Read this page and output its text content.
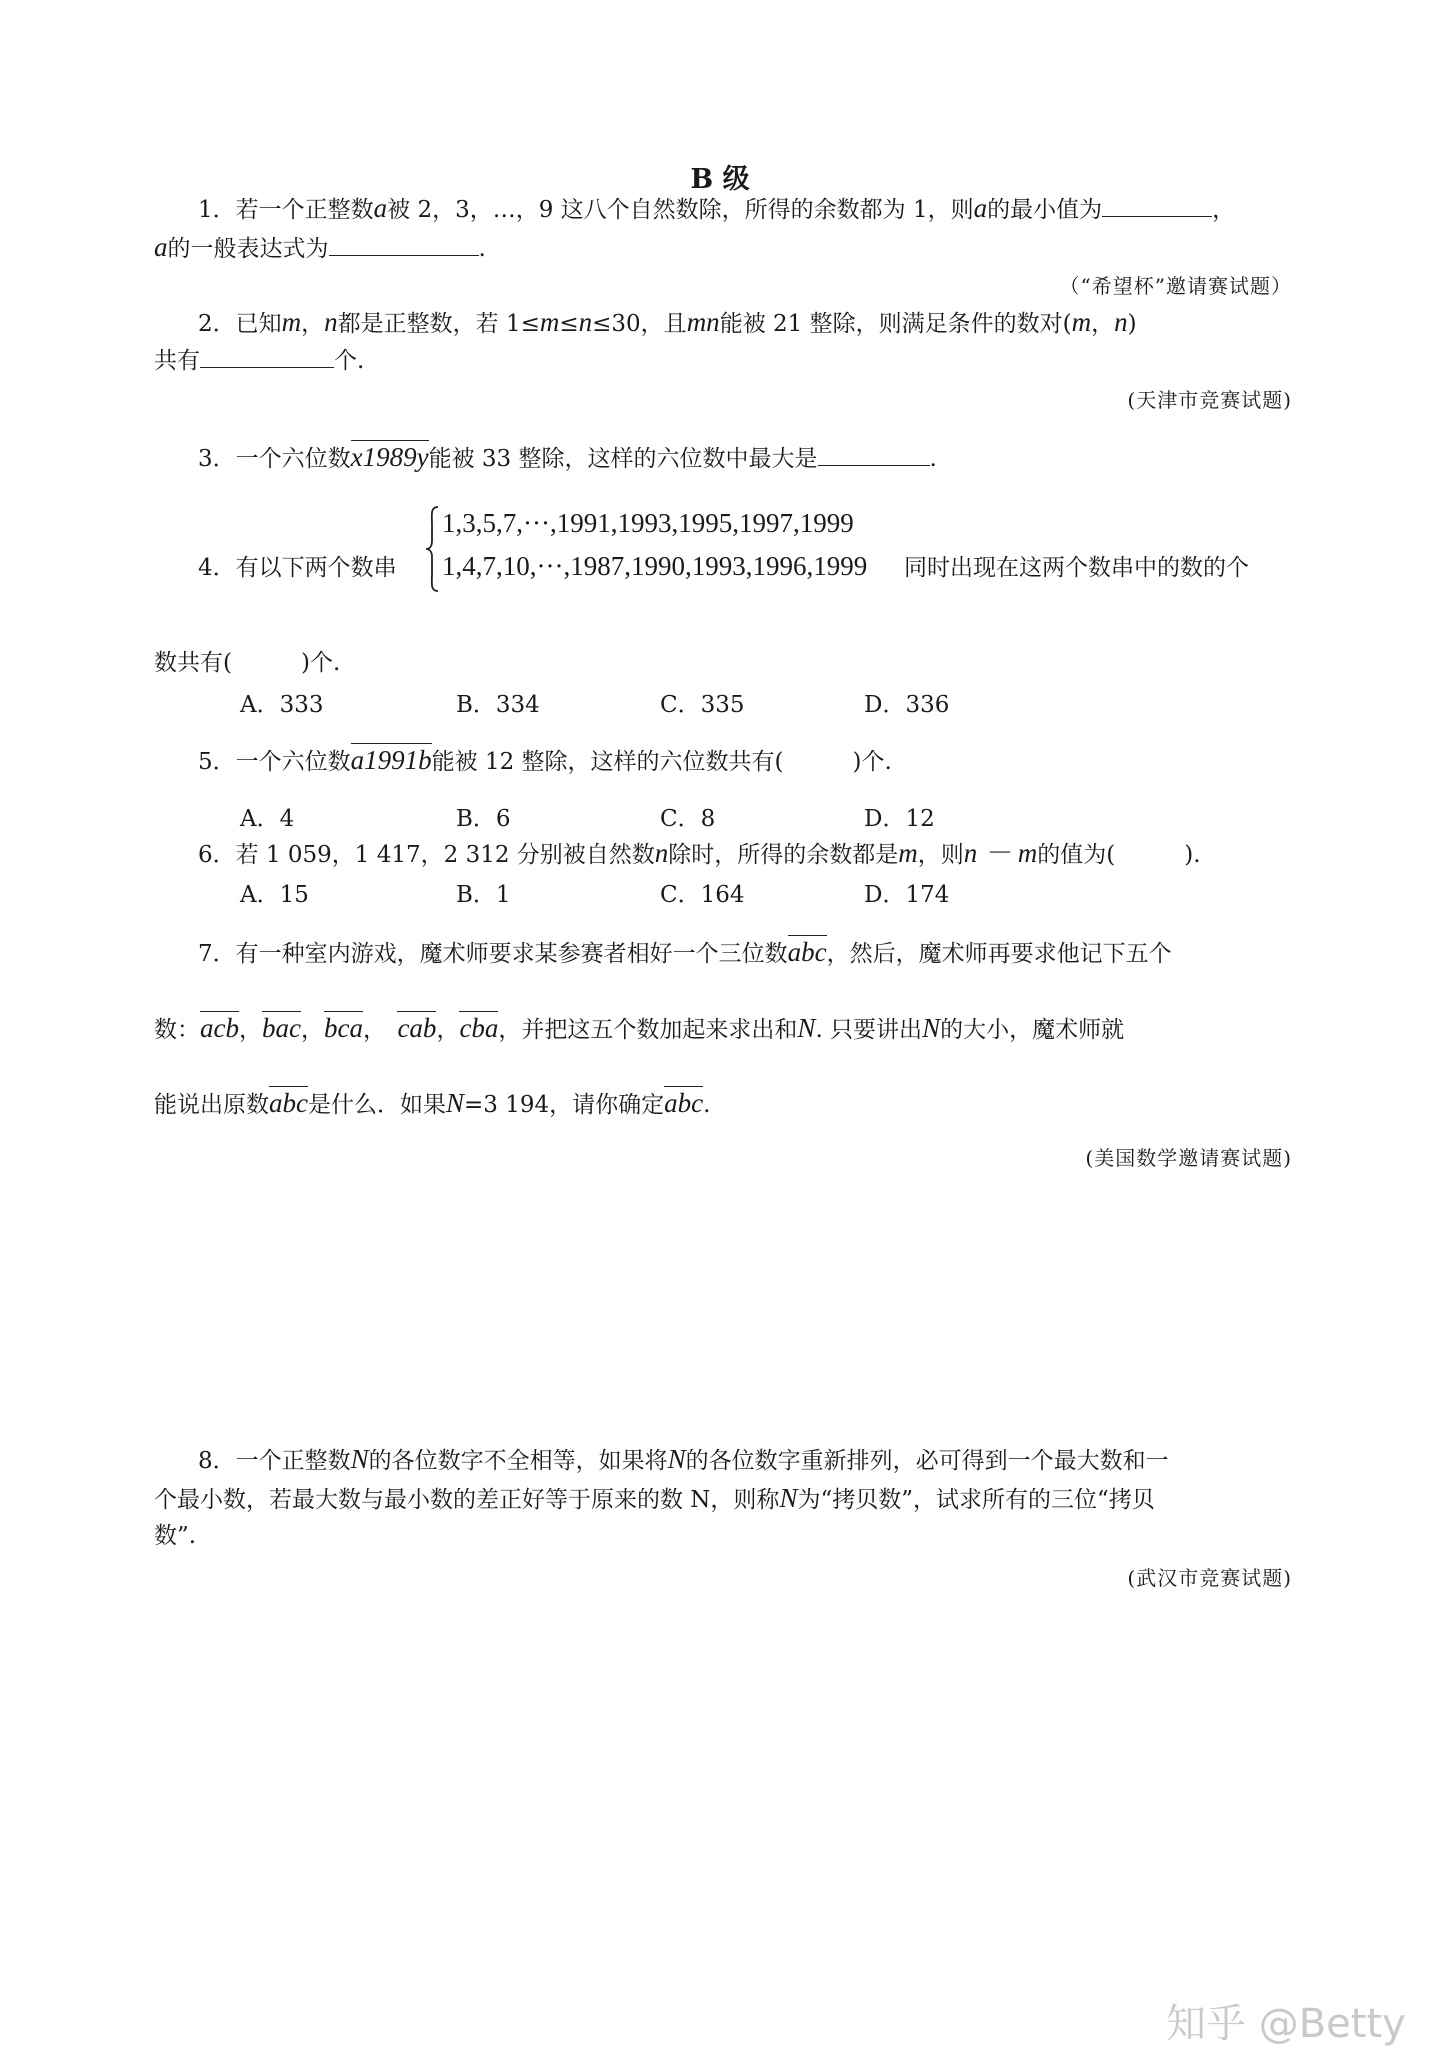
B 级
1．若一个正整数a被 2，3，…，9 这八个自然数除，所得的余数都为 1，则a的最小值为	，
a的一般表达式为	.
（“希望杯”邀请赛试题）
2．已知m，n都是正整数，若 1≤m≤n≤30，且mn能被 21 整除，则满足条件的数对(m，n)
共有	个.
(天津市竞赛试题)
3．一个六位数x1989y能被 33 整除，这样的六位数中最大是	.
1,3,5,7,···,1991,1993,1995,1997,1999
4．有以下两个数串 1,4,7,10,···,1987,1990,1993,1996,1999 同时出现在这两个数串中的数的个
数共有(　　　)个.
A．333	B．334	C．335	D．336
5．一个六位数a1991b能被 12 整除，这样的六位数共有(　　　)个.
A．4	B．6	C．8	D．12
6．若 1 059，1 417，2 312 分别被自然数n除时，所得的余数都是m，则n － m的值为(　　　).
A．15	B．1	C．164	D．174
7．有一种室内游戏，魔术师要求某参赛者相好一个三位数abc，然后，魔术师再要求他记下五个
数：acb，bac，bca，　 cab，cba，并把这五个数加起来求出和N. 只要讲出N的大小，魔术师就
能说出原数abc是什么．如果N=3 194，请你确定abc.
(美国数学邀请赛试题)
8．一个正整数N的各位数字不全相等，如果将N的各位数字重新排列，必可得到一个最大数和一
个最小数，若最大数与最小数的差正好等于原来的数 N，则称N为“拷贝数”，试求所有的三位“拷贝
数”.
(武汉市竞赛试题)
知乎 @Betty
